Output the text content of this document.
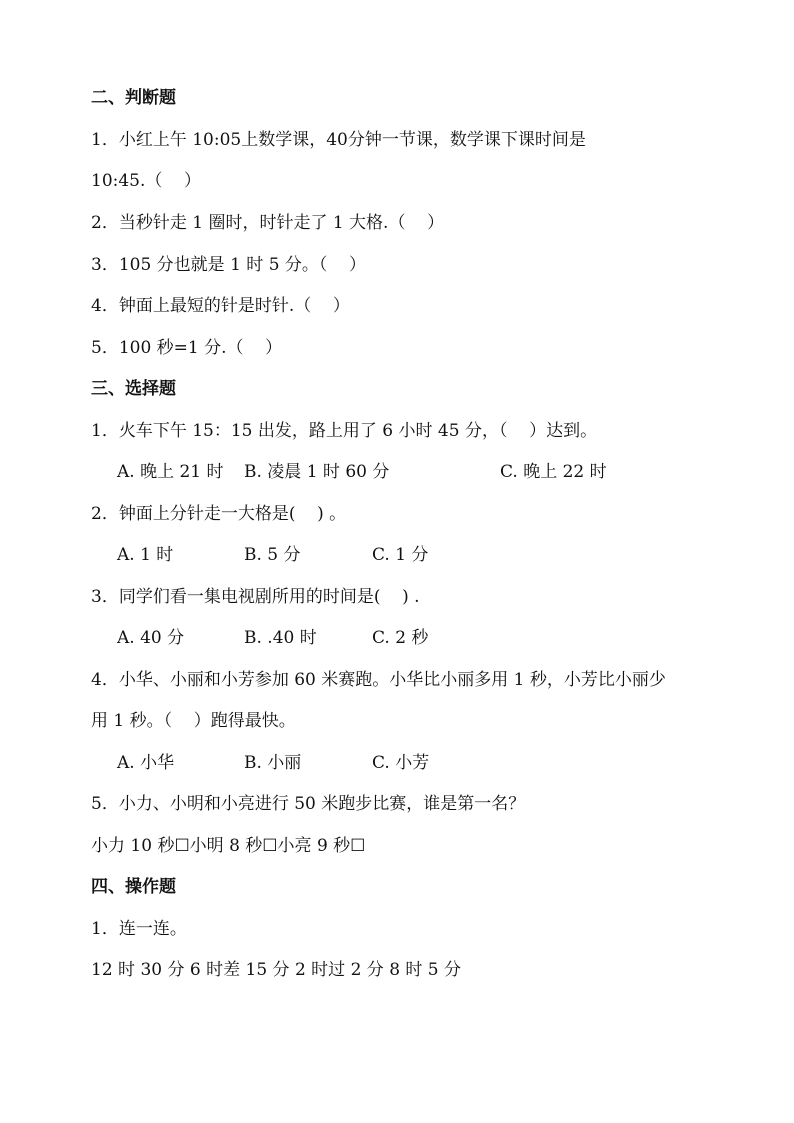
二、判断题
1．小红上午 10:05上数学课，40分钟一节课，数学课下课时间是
10:45.（    ）
2．当秒针走 1 圈时，时针走了 1 大格.（    ）
3．105 分也就是 1 时 5 分。（    ）
4．钟面上最短的针是时针.（    ）
5．100 秒=1 分.（    ）
三、选择题
1．火车下午 15：15 出发，路上用了 6 小时 45 分，（    ）达到。
A. 晚上 21 时 B. 凌晨 1 时 60 分	C. 晚上 22 时
2．钟面上分针走一大格是(    ) 。
A. 1 时	B. 5 分	C. 1 分
3．同学们看一集电视剧所用的时间是(    ) .
A. 40 分	B. .40 时	C. 2 秒
4．小华、小丽和小芳参加 60 米赛跑。小华比小丽多用 1 秒，小芳比小丽少
用 1 秒。（    ）跑得最快。
A. 小华	B. 小丽	C. 小芳
5．小力、小明和小亮进行 50 米跑步比赛，谁是第一名？
小力 10 秒☐小明 8 秒☐小亮 9 秒☐
四、操作题
1．连一连。
12 时 30 分 6 时差 15 分 2 时过 2 分 8 时 5 分
